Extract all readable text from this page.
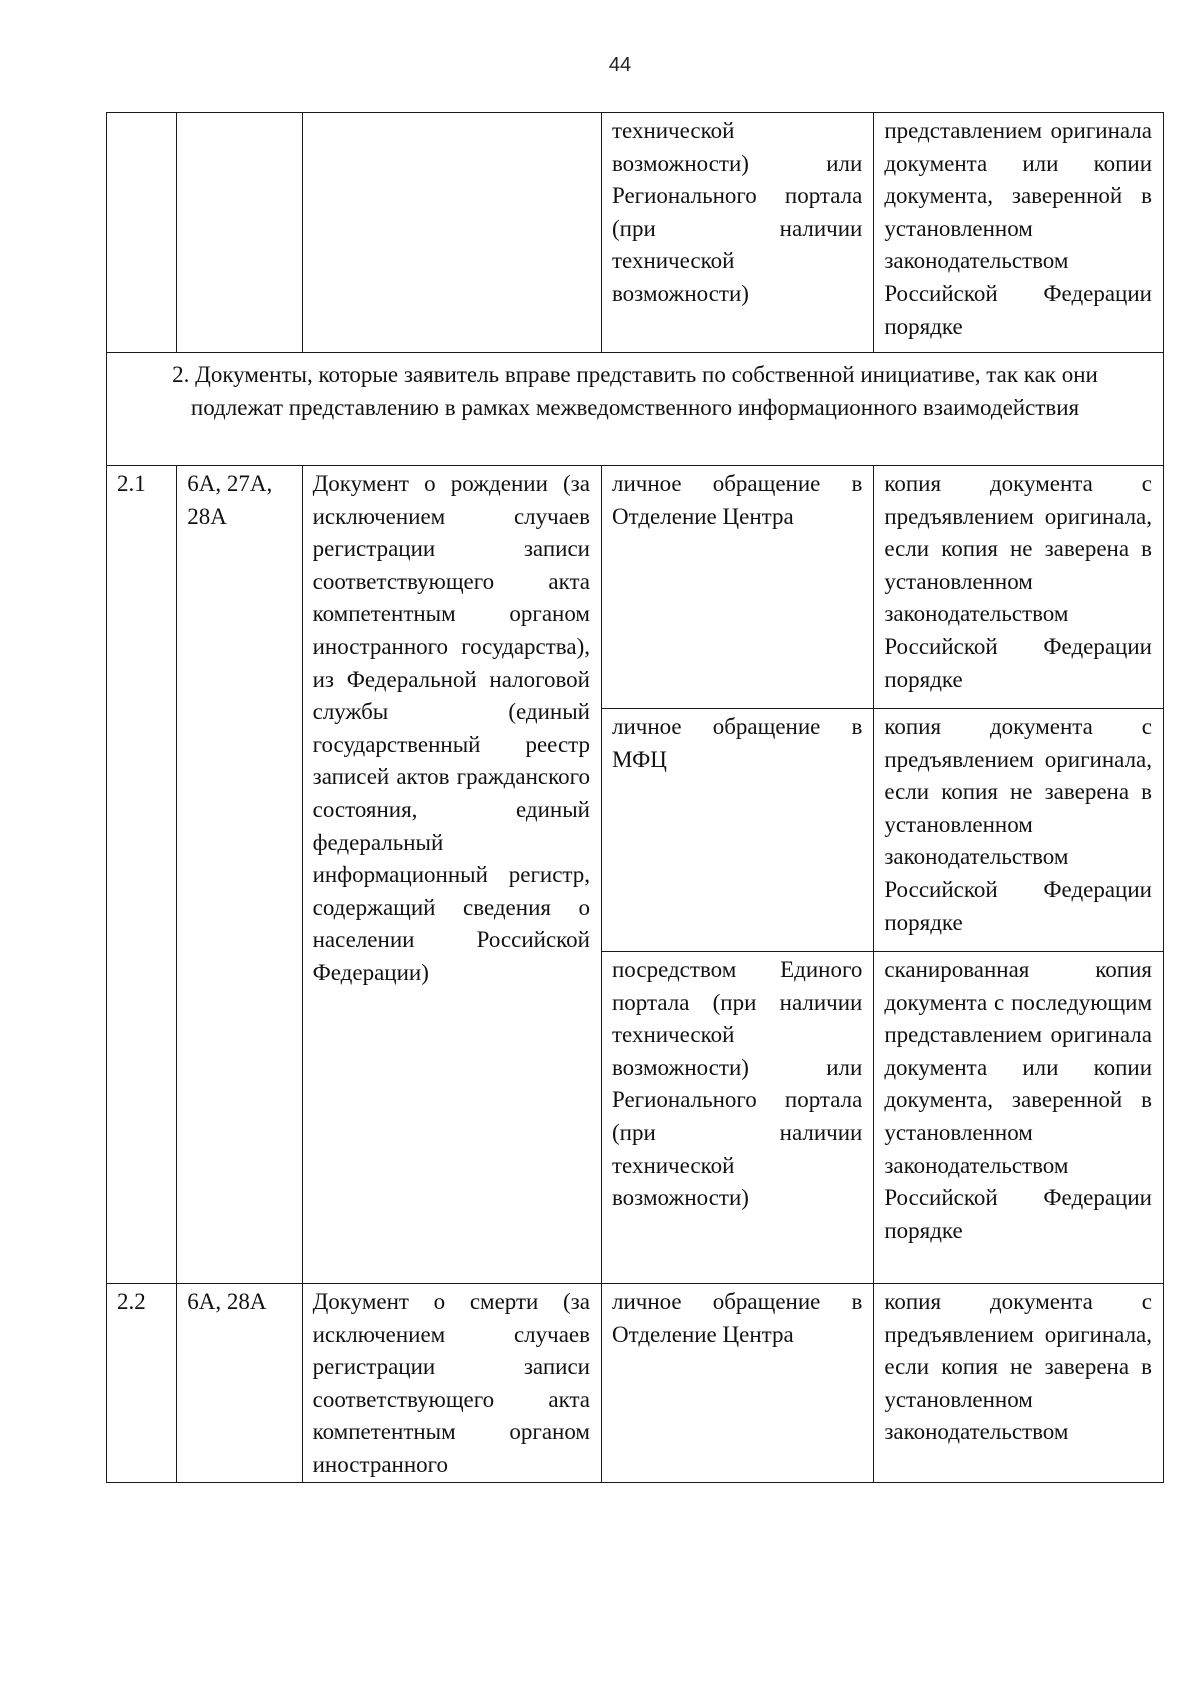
44
			технической возможности) или Регионального портала (при наличии технической возможности)	представлением оригинала документа или копии документа, заверенной в установленном законодательством Российской Федерации порядке
2. Документы, которые заявитель вправе представить по собственной инициативе, так как они подлежат представлению в рамках межведомственного информационного взаимодействия				
2.1	6А, 27А, 28А	Документ о рождении (за исключением случаев регистрации записи соответствующего акта компетентным органом иностранного государства), из Федеральной налоговой службы (единый государственный реестр записей актов гражданского состояния, единый федеральный информационный регистр, содержащий сведения о населении Российской Федерации)	личное обращение в Отделение Центра	копия документа с предъявлением оригинала, если копия не заверена в установленном законодательством Российской Федерации порядке
			личное обращение в МФЦ	копия документа с предъявлением оригинала, если копия не заверена в установленном законодательством Российской Федерации порядке
			посредством Единого портала (при наличии технической возможности) или Регионального портала (при наличии технической возможности)	сканированная копия документа с последующим представлением оригинала документа или копии документа, заверенной в установленном законодательством Российской Федерации порядке
2.2	6А, 28А	Документ о смерти (за исключением случаев регистрации записи соответствующего акта компетентным органом иностранного	личное обращение в Отделение Центра	копия документа с предъявлением оригинала, если копия не заверена в установленном законодательством
